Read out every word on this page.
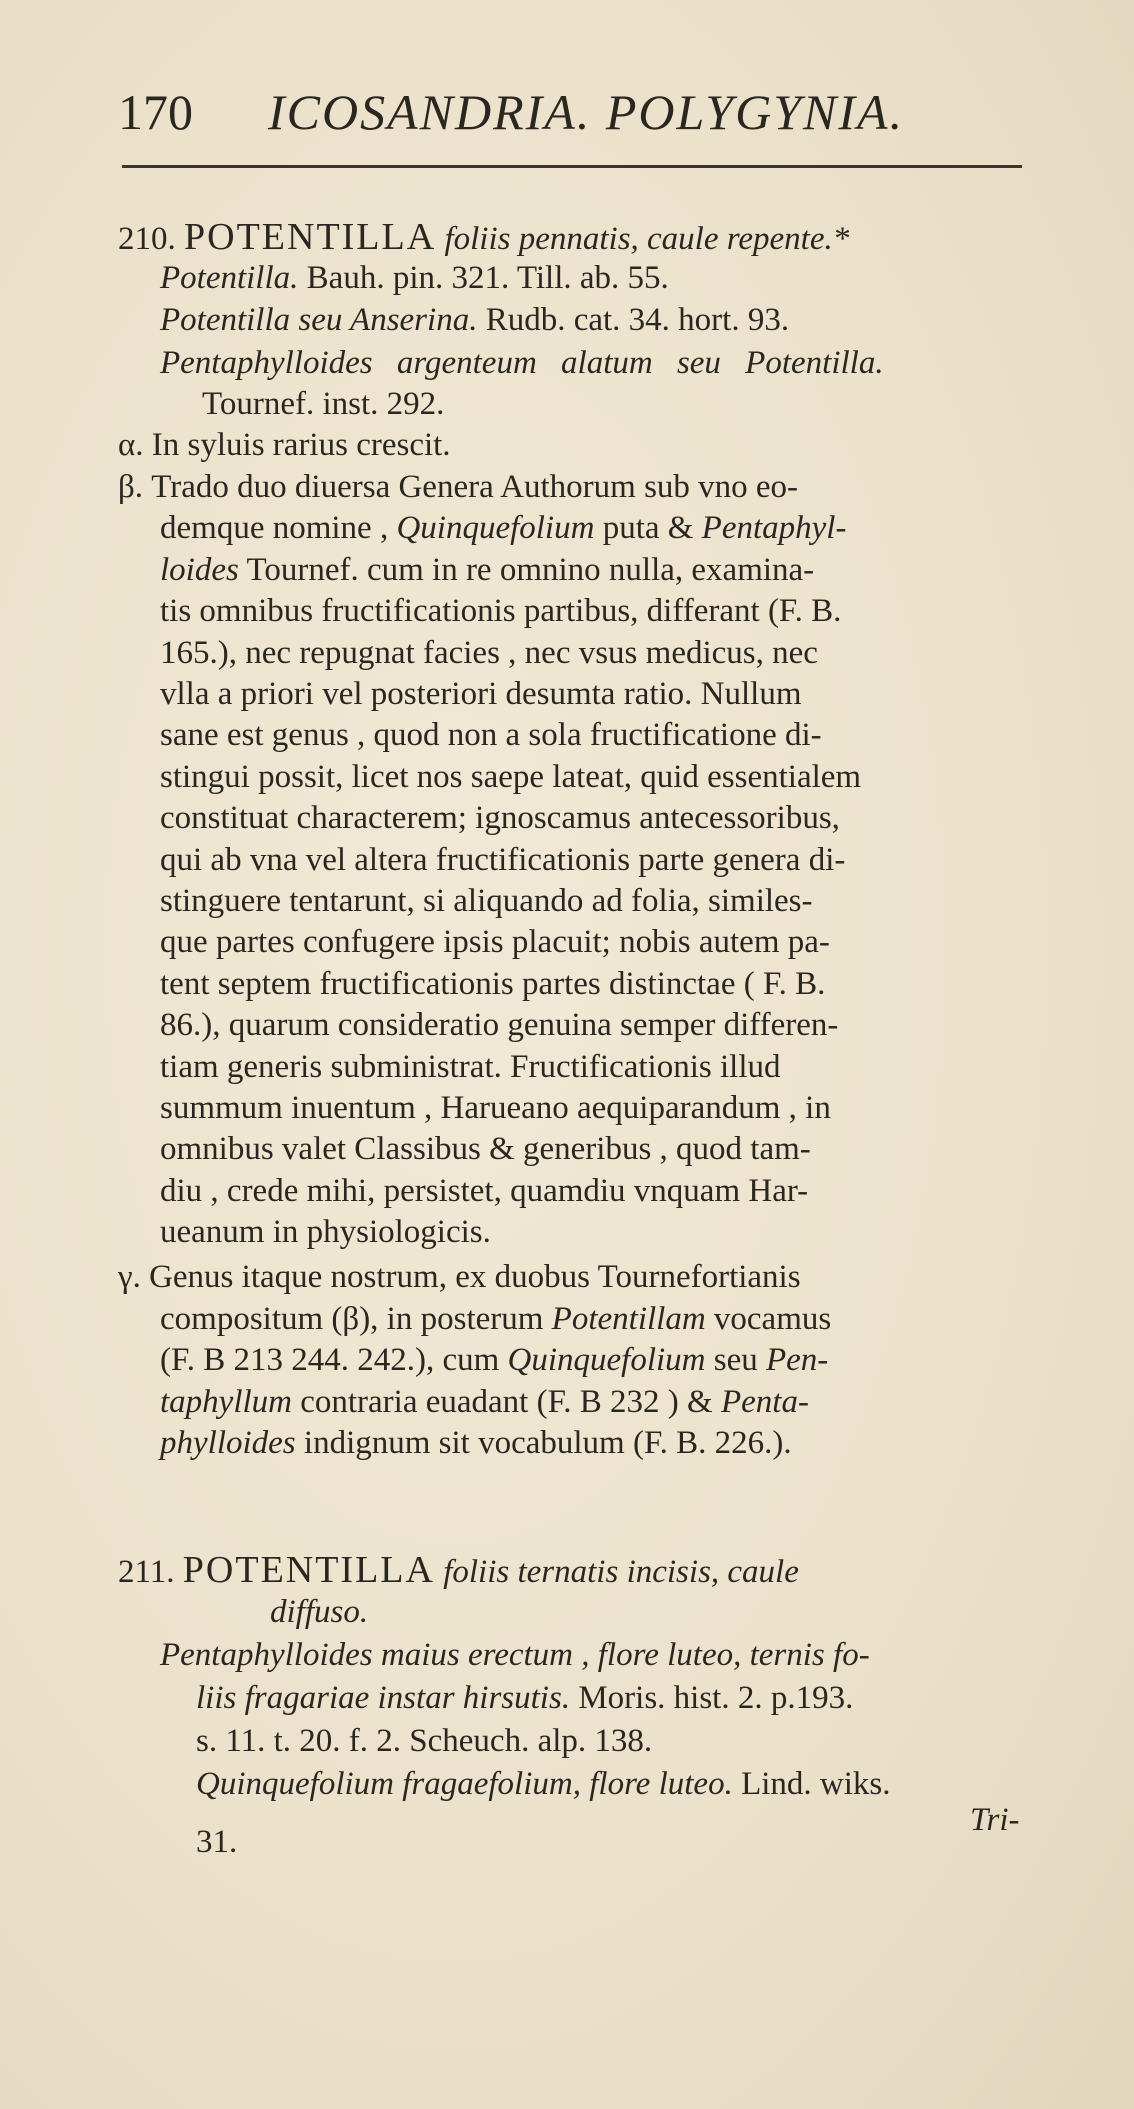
170 ICOSANDRIA. POLYGYNIA.
210. POTENTILLA foliis pennatis, caule repente.*
Potentilla. Bauh. pin. 321. Till. ab. 55.
Potentilla seu Anserina. Rudb. cat. 34. hort. 93.
Pentaphylloides argenteum alatum seu Potentilla.
Tournef. inst. 292.
α. In syluis rarius crescit.
β. Trado duo diuersa Genera Authorum sub vno eo-
demque nomine , Quinquefolium puta & Pentaphyl-
loides Tournef. cum in re omnino nulla, examina-
tis omnibus fructificationis partibus, differant (F. B.
165.), nec repugnat facies , nec vsus medicus, nec
vlla a priori vel posteriori desumta ratio. Nullum
sane est genus , quod non a sola fructificatione di-
stingui possit, licet nos saepe lateat, quid essentialem
constituat characterem; ignoscamus antecessoribus,
qui ab vna vel altera fructificationis parte genera di-
stinguere tentarunt, si aliquando ad folia, similes-
que partes confugere ipsis placuit; nobis autem pa-
tent septem fructificationis partes distinctae ( F. B.
86.), quarum consideratio genuina semper differen-
tiam generis subministrat. Fructificationis illud
summum inuentum , Harueano aequiparandum , in
omnibus valet Classibus & generibus , quod tam-
diu , crede mihi, persistet, quamdiu vnquam Har-
ueanum in physiologicis.
γ. Genus itaque nostrum, ex duobus Tournefortianis
compositum (β), in posterum Potentillam vocamus
(F. B 213 244. 242.), cum Quinquefolium seu Pen-
taphyllum contraria euadant (F. B 232 ) & Penta-
phylloides indignum sit vocabulum (F. B. 226.).
211. POTENTILLA foliis ternatis incisis, caule
diffuso.
Pentaphylloides maius erectum , flore luteo, ternis fo-
liis fragariae instar hirsutis. Moris. hist. 2. p.193.
s. 11. t. 20. f. 2. Scheuch. alp. 138.
Quinquefolium fragaefolium, flore luteo. Lind. wiks.
31.
Tri-
